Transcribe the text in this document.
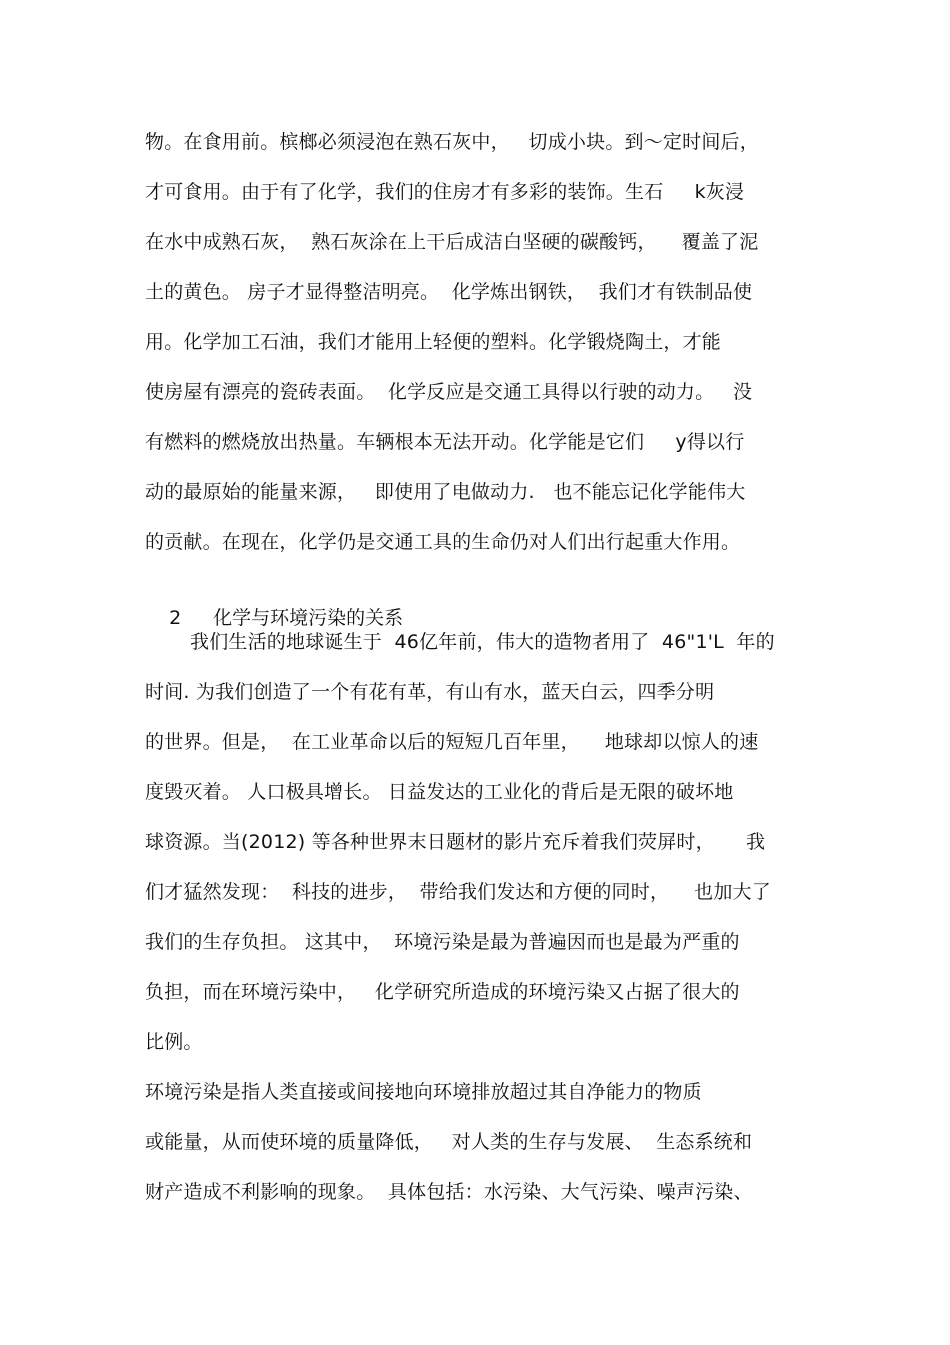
物。在食用前。槟榔必须浸泡在熟石灰中，   切成小块。到～定时间后，
才可食用。由于有了化学，我们的住房才有多彩的装饰。生石     k灰浸
在水中成熟石灰，  熟石灰涂在上干后成洁白坚硬的碳酸钙，    覆盖了泥
土的黄色。 房子才显得整洁明亮。  化学炼出钢铁，  我们才有铁制品使
用。化学加工石油，我们才能用上轻便的塑料。化学锻烧陶土，才能
使房屋有漂亮的瓷砖表面。  化学反应是交通工具得以行驶的动力。   没
有燃料的燃烧放出热量。车辆根本无法开动。化学能是它们     y得以行
动的最原始的能量来源，   即使用了电做动力.   也不能忘记化学能伟大
的贡献。在现在，化学仍是交通工具的生命仍对人们出行起重大作用。

2 化学与环境污染的关系

我们生活的地球诞生于  46亿年前，伟大的造物者用了  46"1'L  年的
时间. 为我们创造了一个有花有革，有山有水，蓝天白云，四季分明
的世界。但是，  在工业革命以后的短短几百年里，    地球却以惊人的速
度毁灭着。 人口极具增长。 日益发达的工业化的背后是无限的破坏地
球资源。当(2012) 等各种世界末日题材的影片充斥着我们荧屏时，     我
们才猛然发现：  科技的进步，  带给我们发达和方便的同时，    也加大了
我们的生存负担。 这其中，  环境污染是最为普遍因而也是最为严重的
负担，而在环境污染中，   化学研究所造成的环境污染又占据了很大的
比例。
环境污染是指人类直接或间接地向环境排放超过其自净能力的物质
或能量，从而使环境的质量降低，   对人类的生存与发展、  生态系统和
财产造成不利影响的现象。  具体包括：水污染、大气污染、噪声污染、
